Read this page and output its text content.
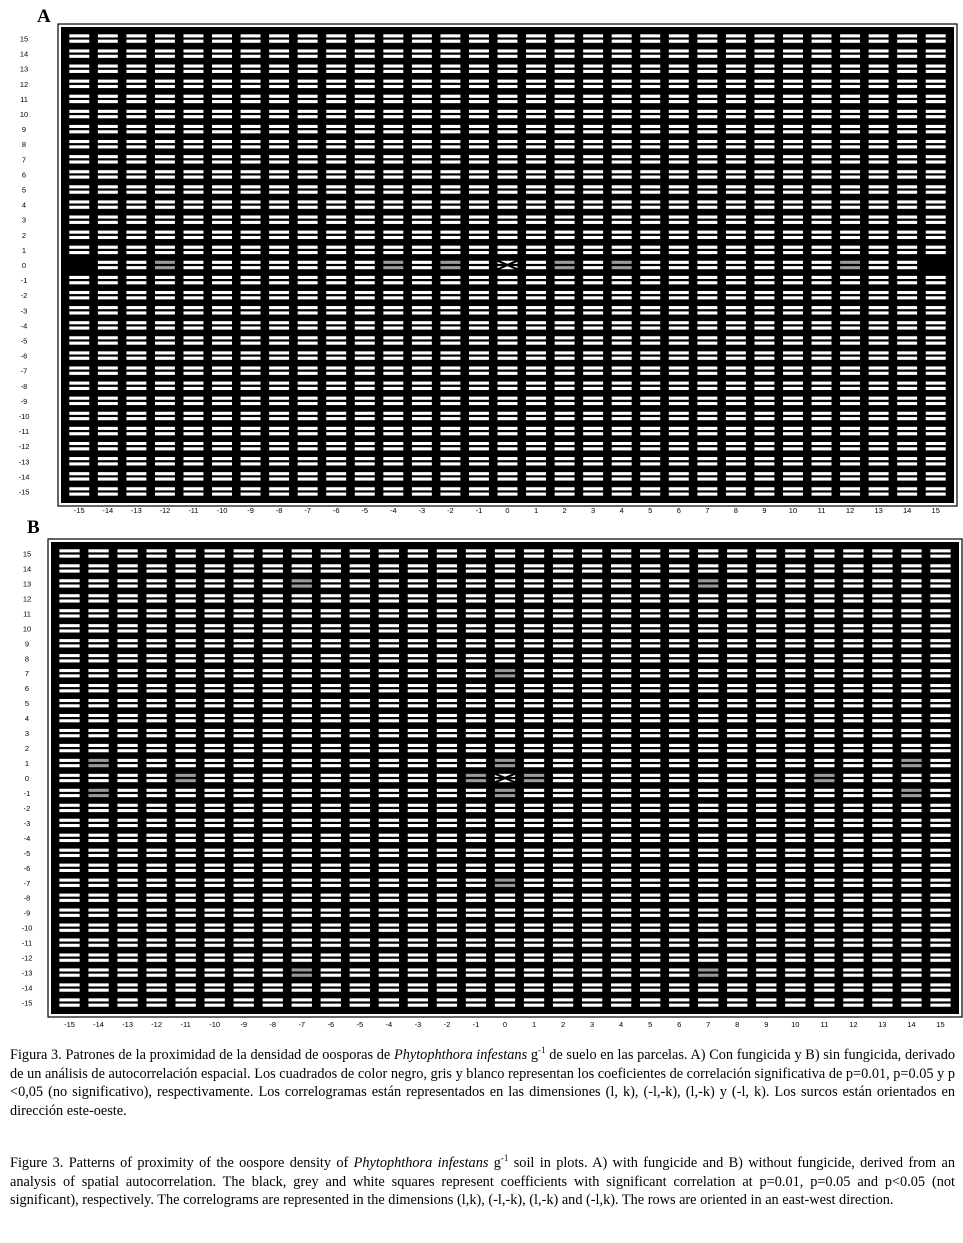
A
15
14
13
12
11
10
9
8
7
6
5
4
3
2
1
0
-1
-2
-3
-4
-5
-6
-7
-8
-9
-10
-11
-12
-13
-14
-15
-15 -14 -13 -12 -11 -10	-9	-8	-7	-6	-5	-4	-3	-2	-1	0	1	2	3	4	5	6	7	8	9	10	11	12	13	14	15
B
15
14
13
12
11
10
9
8
7
6
5
4
3
2
1
0
-1
-2
-3
-4
-5
-6
-7
-8
-9
-10
-11
-12
-13
-14
-15
-15 -14 -13 -12 -11 -10	-9	-8	-7	-6	-5	-4	-3	-2	-1	0	1	2	3	4	5	6	7	8	9	10	11	12	13	14	15

Figura 3. Patrones de la proximidad de la densidad de oosporas de Phytophthora infestans $g^{-1}$ de suelo en las parcelas. A) Con fungicida y B) sin fungicida, derivado de un análisis de autocorrelación espacial. Los cuadrados de color negro, gris y blanco representan los coeficientes de correlación significativa de p=0.01, p=0.05 y p <0,05 (no significativo), respectivamente. Los correlogramas están representados en las dimensiones (l, k), (-l,-k), (l,-k) y (-l, k). Los surcos están orientados en dirección este-oeste.

Figure 3. Patterns of proximity of the oospore density of Phytophthora infestans $g^{-1}$ soil in plots. A) with fungicide and B) without fungicide, derived from an analysis of spatial autocorrelation. The black, grey and white squares represent coefficients with significant correlation at p=0.01, p=0.05 and p<0.05 (not significant), respectively. The correlograms are represented in the dimensions (l,k), (-l,-k), (l,-k) and (-l,k). The rows are oriented in an east-west direction.
